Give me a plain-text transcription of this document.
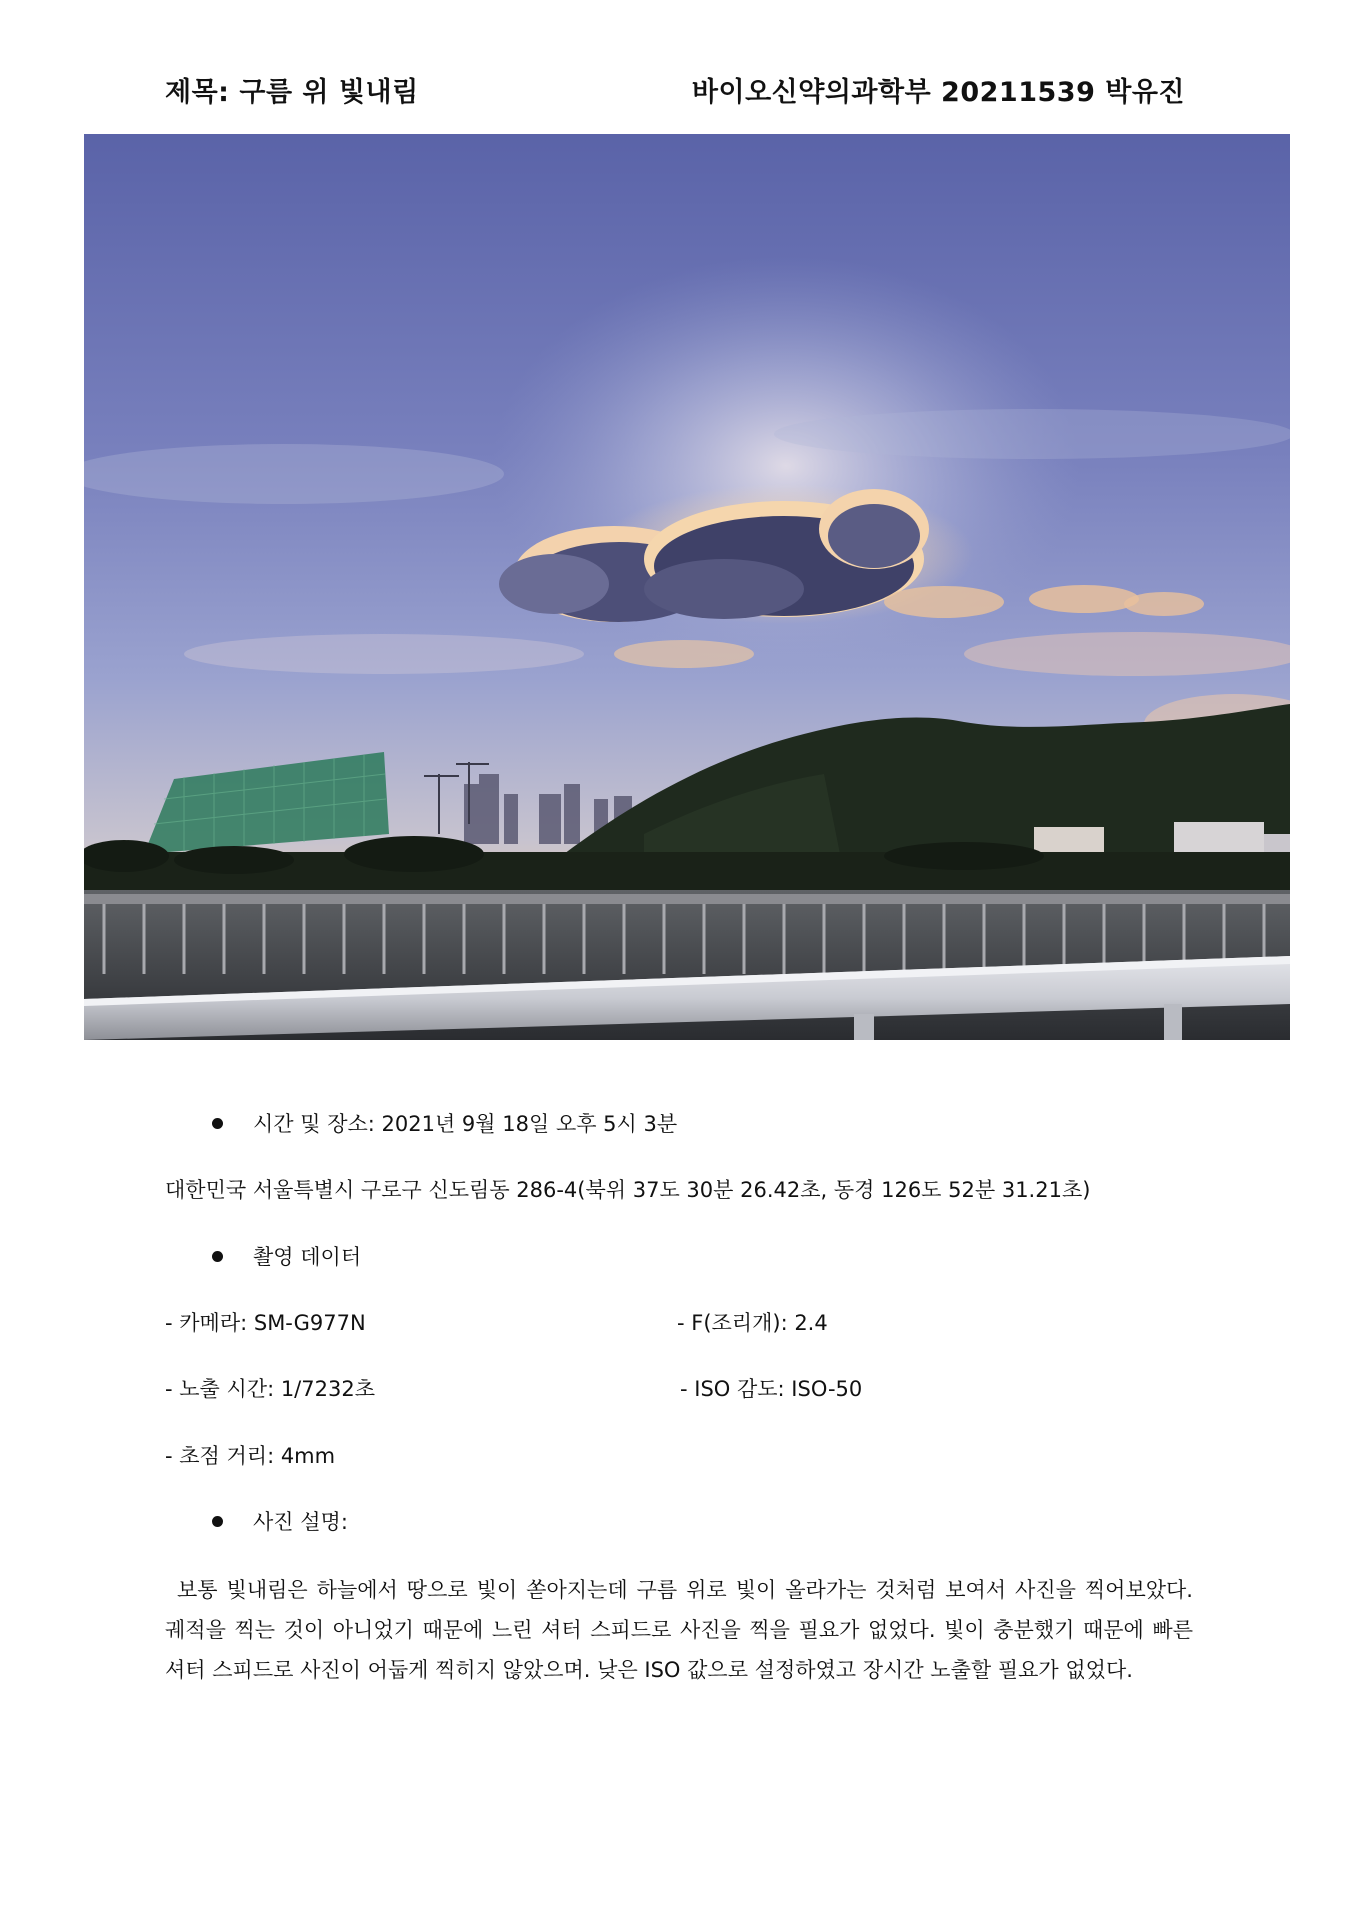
제목: 구름 위 빛내림	바이오신약의과학부 20211539 박유진
시간 및 장소: 2021년 9월 18일 오후 5시 3분
대한민국 서울특별시 구로구 신도림동 286-4(북위 37도 30분 26.42초, 동경 126도 52분 31.21초)
촬영 데이터
- 카메라: SM-G977N	- F(조리개): 2.4
- 노출 시간: 1/7232초	- ISO 감도: ISO-50
- 초점 거리: 4mm
사진 설명:
보통 빛내림은 하늘에서 땅으로 빛이 쏟아지는데 구름 위로 빛이 올라가는 것처럼 보여서 사진을 찍어보았다. 궤적을 찍는 것이 아니었기 때문에 느린 셔터 스피드로 사진을 찍을 필요가 없었다. 빛이 충분했기 때문에 빠른 셔터 스피드로 사진이 어둡게 찍히지 않았으며. 낮은 ISO 값으로 설정하였고 장시간 노출할 필요가 없었다.
